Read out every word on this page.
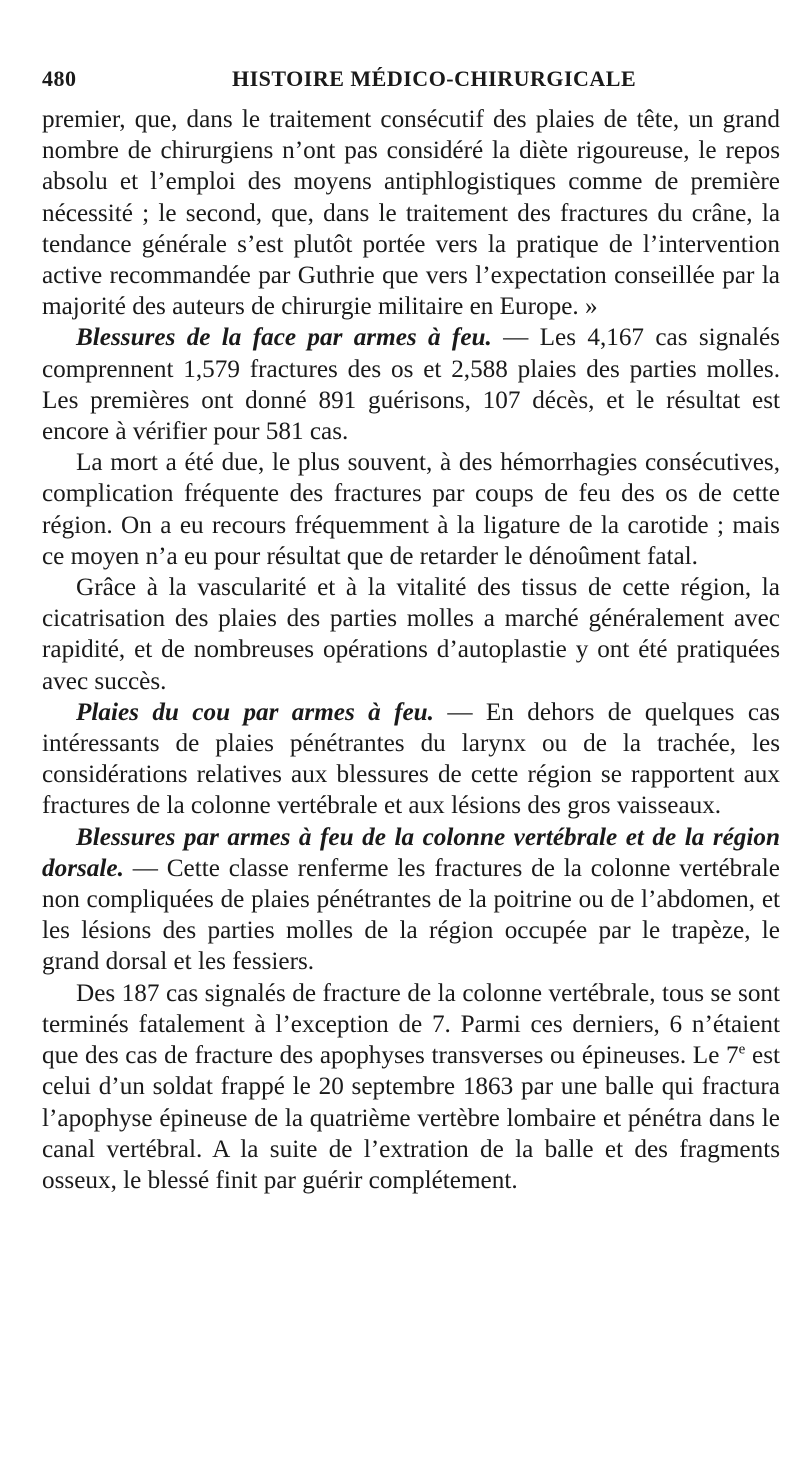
480	HISTOIRE MÉDICO-CHIRURGICALE

premier, que, dans le traitement consécutif des plaies de tête, un grand nombre de chirurgiens n’ont pas considéré la diète rigoureuse, le repos absolu et l’emploi des moyens antiphlogistiques comme de première nécessité ; le second, que, dans le traitement des fractures du crâne, la tendance générale s’est plutôt portée vers la pratique de l’intervention active recommandée par Guthrie que vers l’expectation conseillée par la majorité des auteurs de chirurgie militaire en Europe. »

Blessures de la face par armes à feu. — Les 4,167 cas signalés comprennent 1,579 fractures des os et 2,588 plaies des parties molles. Les premières ont donné 891 guérisons, 107 décès, et le résultat est encore à vérifier pour 581 cas.

La mort a été due, le plus souvent, à des hémorrhagies consécutives, complication fréquente des fractures par coups de feu des os de cette région. On a eu recours fréquemment à la ligature de la carotide ; mais ce moyen n’a eu pour résultat que de retarder le dénoûment fatal.

Grâce à la vascularité et à la vitalité des tissus de cette région, la cicatrisation des plaies des parties molles a marché généralement avec rapidité, et de nombreuses opérations d’autoplastie y ont été pratiquées avec succès.

Plaies du cou par armes à feu. — En dehors de quelques cas intéressants de plaies pénétrantes du larynx ou de la trachée, les considérations relatives aux blessures de cette région se rapportent aux fractures de la colonne vertébrale et aux lésions des gros vaisseaux.

Blessures par armes à feu de la colonne vertébrale et de la région dorsale. — Cette classe renferme les fractures de la colonne vertébrale non compliquées de plaies pénétrantes de la poitrine ou de l’abdomen, et les lésions des parties molles de la région occupée par le trapèze, le grand dorsal et les fessiers.

Des 187 cas signalés de fracture de la colonne vertébrale, tous se sont terminés fatalement à l’exception de 7. Parmi ces derniers, 6 n’étaient que des cas de fracture des apophyses transverses ou épineuses. Le 7e est celui d’un soldat frappé le 20 septembre 1863 par une balle qui fractura l’apophyse épineuse de la quatrième vertèbre lombaire et pénétra dans le canal vertébral. A la suite de l’extration de la balle et des fragments osseux, le blessé finit par guérir complétement.
